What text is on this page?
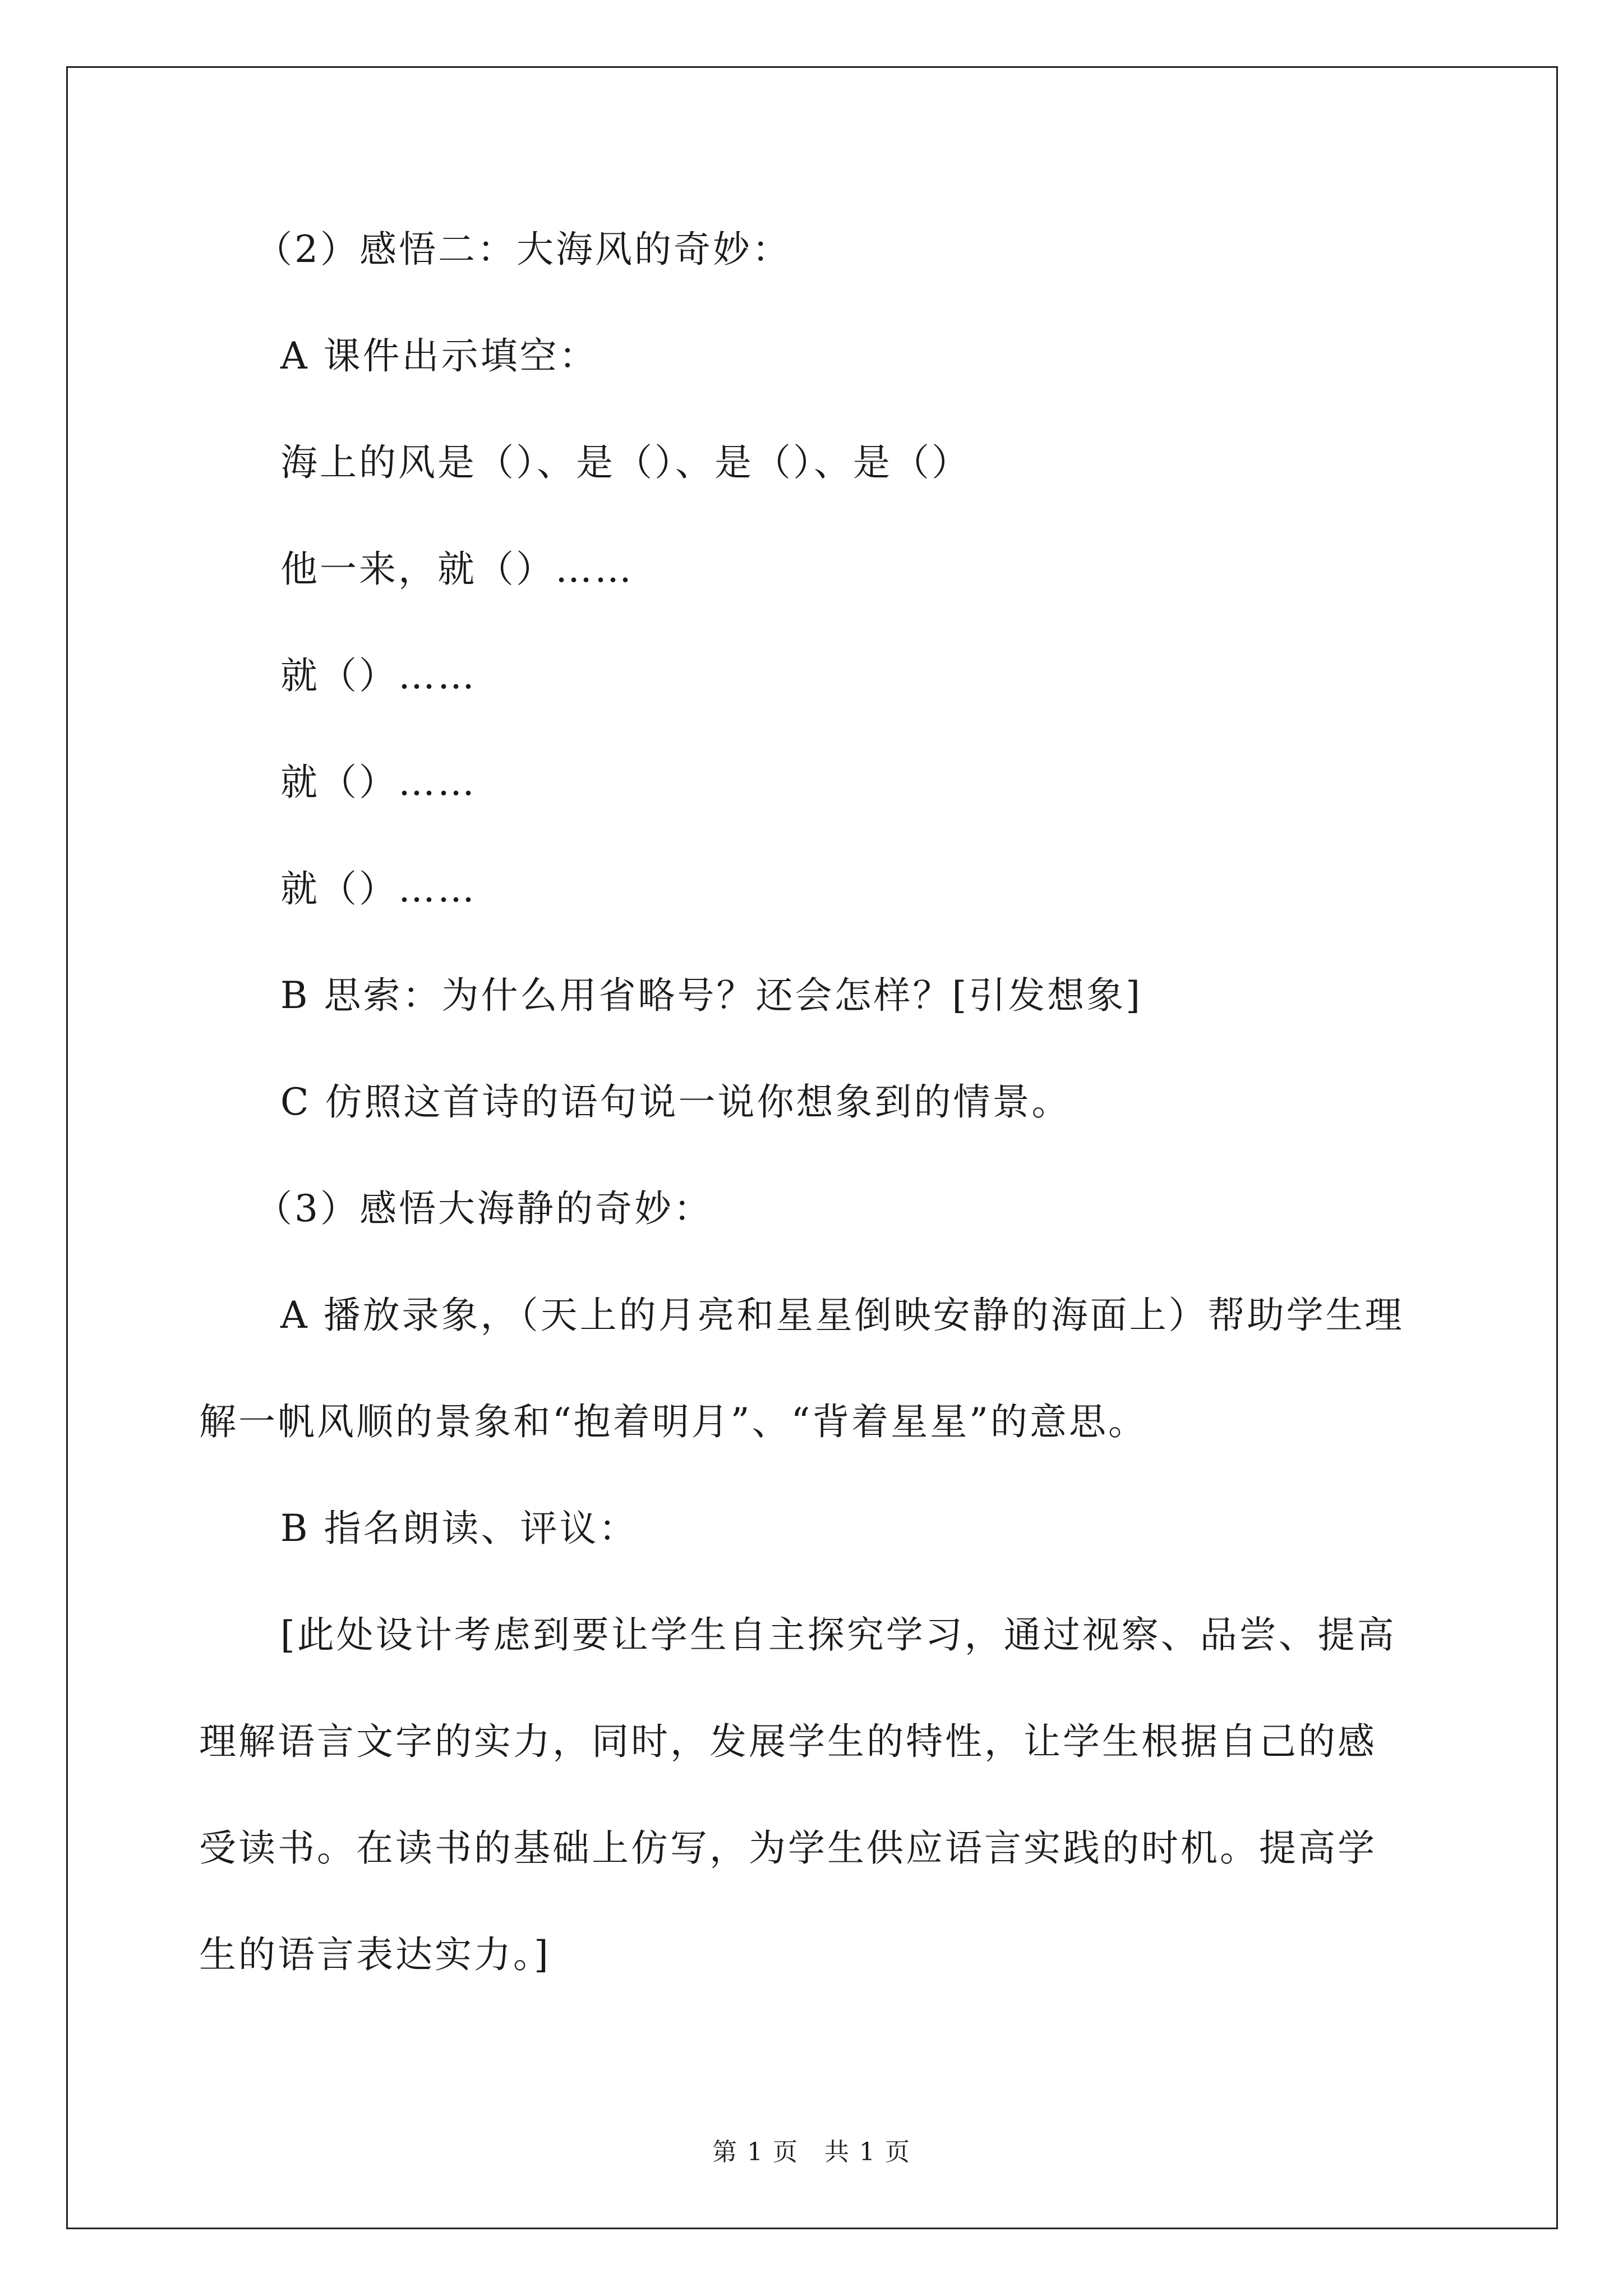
（2）感悟二：大海风的奇妙：
A 课件出示填空：
海上的风是（）、是（）、是（）、是（）
他一来，就（）……
就（）……
就（）……
就（）……
B 思索：为什么用省略号？还会怎样？[引发想象]
C 仿照这首诗的语句说一说你想象到的情景。
（3）感悟大海静的奇妙：
A 播放录象，（天上的月亮和星星倒映安静的海面上）帮助学生理
解一帆风顺的景象和“抱着明月”、“背着星星”的意思。
B 指名朗读、评议：
[此处设计考虑到要让学生自主探究学习，通过视察、品尝、提高
理解语言文字的实力，同时，发展学生的特性，让学生根据自己的感
受读书。在读书的基础上仿写，为学生供应语言实践的时机。提高学
生的语言表达实力。]
第 1 页　共 1 页
